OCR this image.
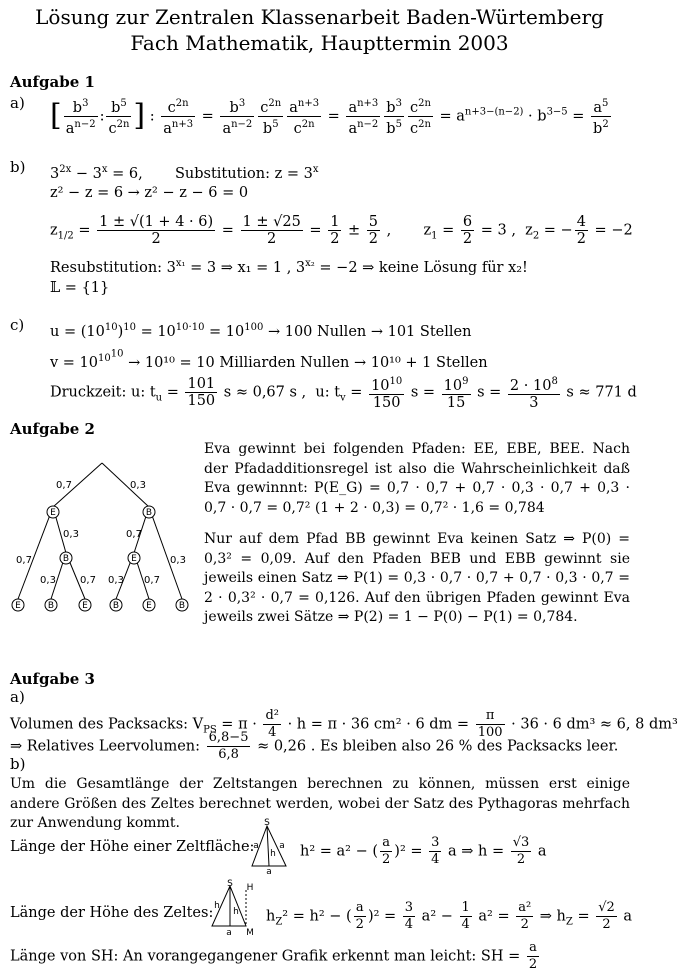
Lösung zur Zentralen Klassenarbeit Baden-Würtemberg
Fach Mathematik, Haupttermin 2003
Aufgabe 1
a) [ $\frac{b^3}{a^{n-2}}$ : $\frac{b^5}{c^{2n}}$ ] : $\frac{c^{2n}}{a^{n+3}} = \frac{b^3}{a^{n-2}} \frac{c^{2n}}{b^5} \frac{a^{n+3}}{c^{2n}} = \frac{a^{n+3}}{a^{n-2}} \frac{b^3}{b^5} \frac{c^{2n}}{c^{2n}} = a^{n+3-(n-2)} \cdot b^{3-5} = \frac{a^5}{b^2}$
b) $3^{2x} - 3^x = 6$, Substitution: $z = 3^x$
z² − z = 6 → z² − z − 6 = 0
$z_{1/2} = \frac{1 \pm √(1 + 4 \cdot 6)}{2} = \frac{1 \pm √25}{2} = \frac{1}{2} \pm \frac{5}{2}$ ,       $z_1 = \frac{6}{2} = 3$ ,  $z_2$ = − $\frac{4}{2} = -2$
Resubstitution: $3^{x_1} = 3$ ⇒ x₁ = 1 , $3^{x_2} = -2$ ⇒ keine Lösung für x₂!
𝕃 = {1}
c) $u = (10^{10})^{10} = 10^{10\cdot 10} = 10^{100} \to 100$ Nullen → 101 Stellen
$v = 10^{10^{10}} \to 10^{10} = 10$ Milliarden Nullen → 10¹⁰ + 1 Stellen
Druckzeit: u: $t_u = \frac{101}{150}$ s ≈ 0,67 s ,  u: $t_v = \frac{10^{10}}{150}$ $s = \frac{10^9}{15}$ $s = \frac{2 \cdot 10^8}{3}$ s ≈ 771 d
Aufgabe 2
E	B
B	E
E	B	E	B	E	B
0,7	0,3
0,7
0,3	0,7
0,3
0,3 0,7 0,3 0,7
Eva gewinnt bei folgenden Pfaden: EE, EBE, BEE. Nach der Pfadadditionsregel ist also die Wahrscheinlichkeit daß Eva gewinnnt: P(E_G) = 0,7 · 0,7 + 0,7 · 0,3 · 0,7 + 0,3 · 0,7 · 0,7 = 0,7² (1 + 2 · 0,3) = 0,7² · 1,6 = 0,784
Nur auf dem Pfad BB gewinnt Eva keinen Satz ⇒ P(0) = 0,3² = 0,09. Auf den Pfaden BEB und EBB gewinnt sie jeweils einen Satz ⇒ P(1) = 0,3 · 0,7 · 0,7 + 0,7 · 0,3 · 0,7 = 2 · 0,3² · 0,7 = 0,126. Auf den übrigen Pfaden gewinnt Eva jeweils zwei Sätze ⇒ P(2) = 1 − P(0) − P(1) = 0,784.
Aufgabe 3
a)
Volumen des Packsacks: $V_{PS} = \pi \cdot \frac{\text{d²}}{4} \cdot h = \pi \cdot 36$ cm² · 6 dm = $\frac{\pi}{100} \cdot 36 \cdot 6$ dm³ ≈ 6, 8 dm³
⇒ Relatives Leervolumen: $\frac{6,8-5}{6,8} \approx 0,26$ . Es bleiben also 26 % des Packsacks leer.
b)
Um die Gesamtlänge der Zeltstangen berechnen zu können, müssen erst einige andere Größen des Zeltes berechnet werden, wobei der Satz des Pythagoras mehrfach zur Anwendung kommt.
Länge der Höhe einer Zeltfläche:
S
a a
h
a
h² = a² − ( $\frac{a}{2} )^2 = \frac{3}{4}$ a ⇒ $h = \frac{√3}{2}$ a
Länge der Höhe des Zeltes:
S H
h
h
a M
$h_Z^2 = h^2$ − ( $\frac{a}{2} )^2 = \frac{3}{4} a^2 - \frac{1}{4} a^2 = \frac{\text{a²}}{2}$ ⇒ $h_Z = \frac{√2}{2}$ a
Länge von SH: An vorangegangener Grafik erkennt man leicht: SH = $\frac{a}{2}$
